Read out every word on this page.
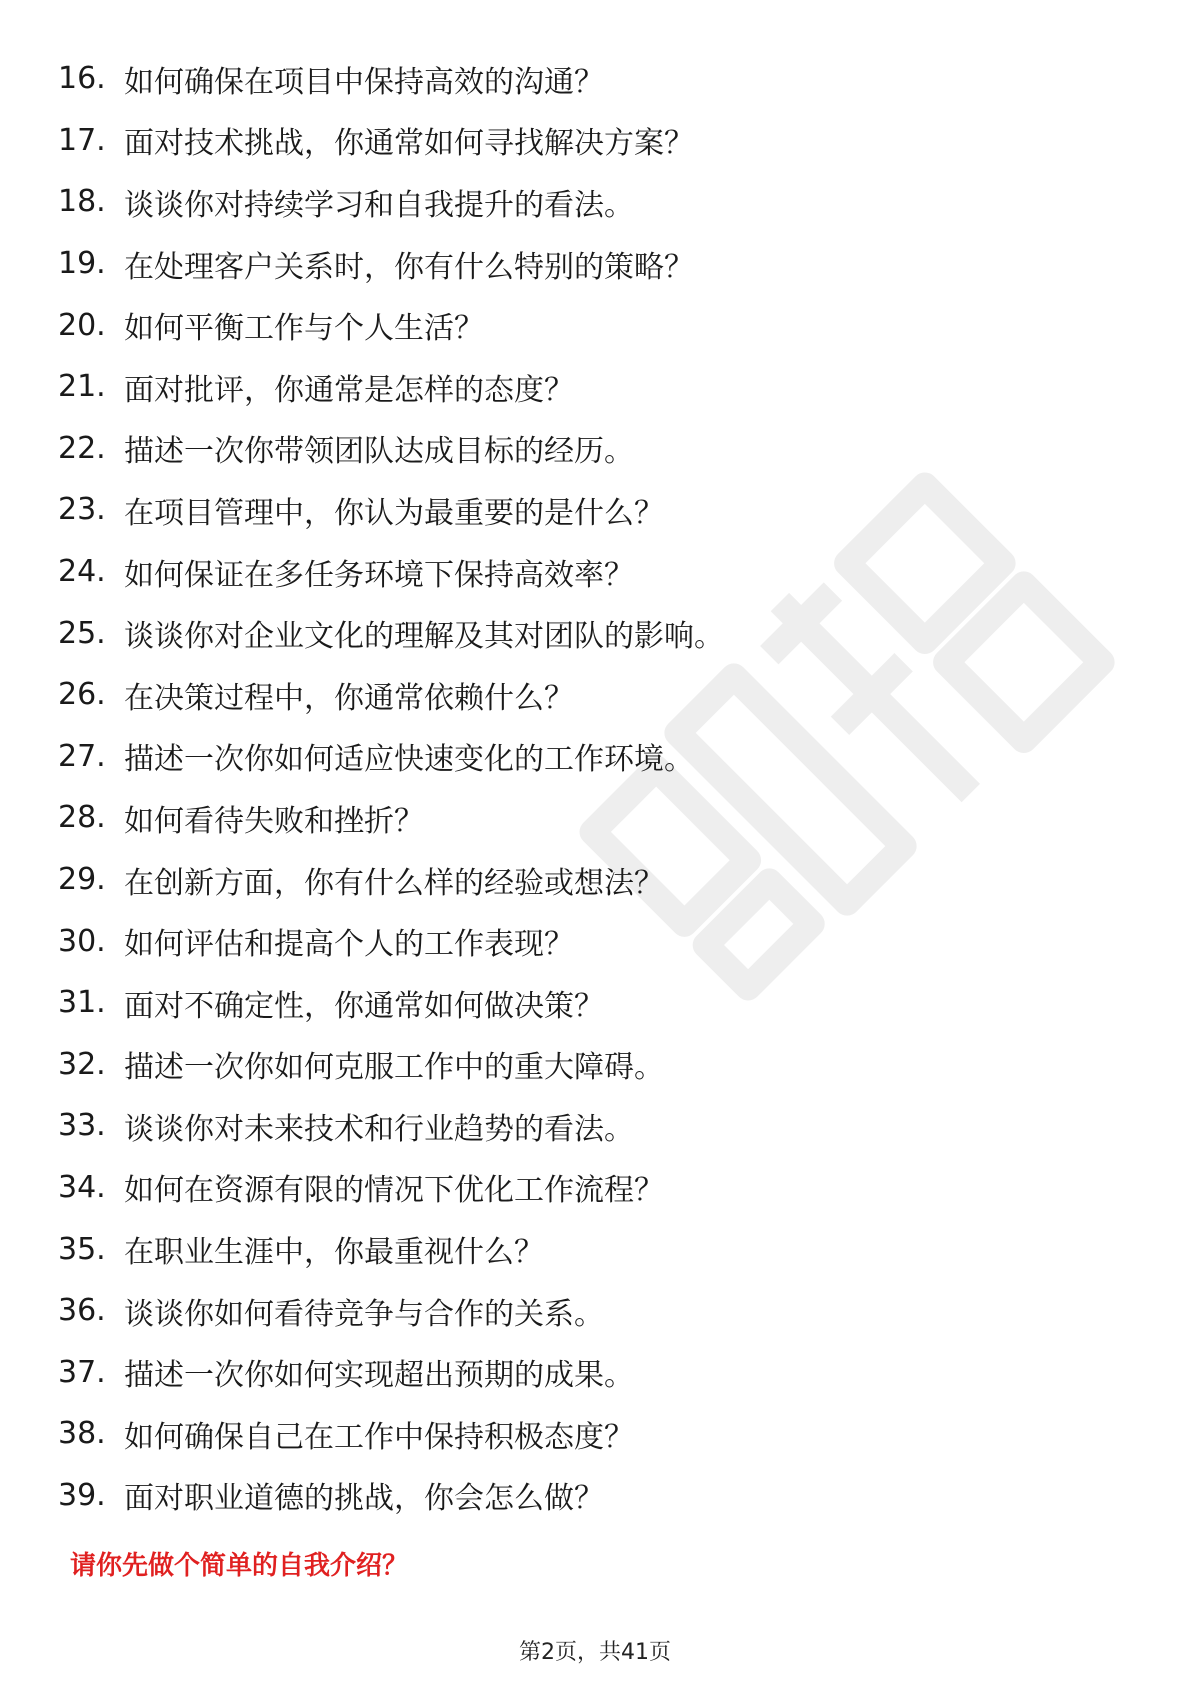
16. 如何确保在项目中保持高效的沟通？
17. 面对技术挑战，你通常如何寻找解决方案？
18. 谈谈你对持续学习和自我提升的看法。
19. 在处理客户关系时，你有什么特别的策略？
20. 如何平衡工作与个人生活？
21. 面对批评，你通常是怎样的态度？
22. 描述一次你带领团队达成目标的经历。
23. 在项目管理中，你认为最重要的是什么？
24. 如何保证在多任务环境下保持高效率？
25. 谈谈你对企业文化的理解及其对团队的影响。
26. 在决策过程中，你通常依赖什么？
27. 描述一次你如何适应快速变化的工作环境。
28. 如何看待失败和挫折？
29. 在创新方面，你有什么样的经验或想法？
30. 如何评估和提高个人的工作表现？
31. 面对不确定性，你通常如何做决策？
32. 描述一次你如何克服工作中的重大障碍。
33. 谈谈你对未来技术和行业趋势的看法。
34. 如何在资源有限的情况下优化工作流程？
35. 在职业生涯中，你最重视什么？
36. 谈谈你如何看待竞争与合作的关系。
37. 描述一次你如何实现超出预期的成果。
38. 如何确保自己在工作中保持积极态度？
39. 面对职业道德的挑战，你会怎么做？
请你先做个简单的自我介绍？
第2页，共41页
